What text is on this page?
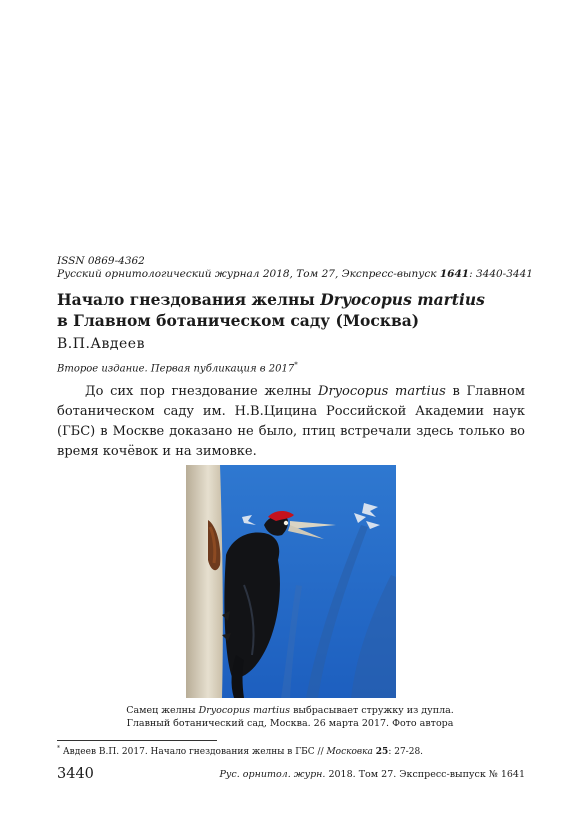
ISSN 0869-4362
Русский орнитологический журнал 2018, Том 27, Экспресс-выпуск 1641: 3440-3441
Начало гнездования желны Dryocopus martius
в Главном ботаническом саду (Москва)
В.П.Авдеев
Второе издание. Первая публикация в 2017*
До сих пор гнездование желны Dryocopus martius в Главном ботаническом саду им. Н.В.Цицина Российской Академии наук (ГБС) в Москве доказано не было, птиц встречали здесь только во время кочёвок и на зимовке.
Самец желны Dryocopus martius выбрасывает стружку из дупла.
Главный ботанический сад, Москва. 26 марта 2017. Фото автора
* Авдеев В.П. 2017. Начало гнездования желны в ГБС // Московка 25: 27-28.
3440	Рус. орнитол. журн. 2018. Том 27. Экспресс-выпуск № 1641
